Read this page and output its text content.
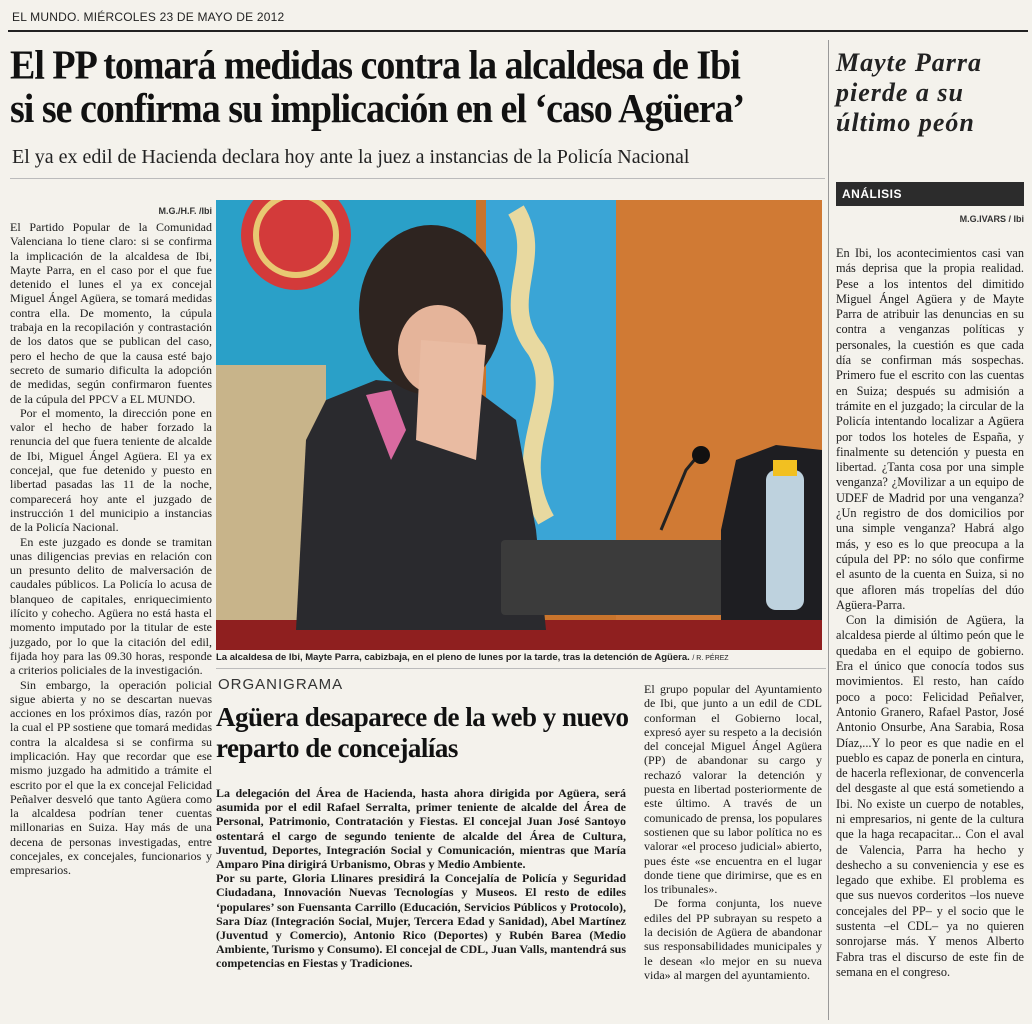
EL MUNDO. MIÉRCOLES 23 DE MAYO DE 2012
El PP tomará medidas contra la alcaldesa de Ibi
si se confirma su implicación en el ‘caso Agüera’
El ya ex edil de Hacienda declara hoy ante la juez a instancias de la Policía Nacional
M.G./H.F. /Ibi

El Partido Popular de la Comunidad Valenciana lo tiene claro: si se confirma la implicación de la alcaldesa de Ibi, Mayte Parra, en el caso por el que fue detenido el lunes el ya ex concejal Miguel Ángel Agüera, se tomará medidas contra ella. De momento, la cúpula trabaja en la recopilación y contrastación de los datos que se publican del caso, pero el hecho de que la causa esté bajo secreto de sumario dificulta la adopción de medidas, según confirmaron fuentes de la cúpula del PPCV a EL MUNDO.

Por el momento, la dirección pone en valor el hecho de haber forzado la renuncia del que fuera teniente de alcalde de Ibi, Miguel Ángel Agüera. El ya ex concejal, que fue detenido y puesto en libertad pasadas las 11 de la noche, comparecerá hoy ante el juzgado de instrucción 1 del municipio a instancias de la Policía Nacional.

En este juzgado es donde se tramitan unas diligencias previas en relación con un presunto delito de malversación de caudales públicos. La Policía lo acusa de blanqueo de capitales, enriquecimiento ilícito y cohecho. Agüera no está hasta el momento imputado por la titular de este juzgado, por lo que la citación del edil, fijada hoy para las 09.30 horas, responde a criterios policiales de la investigación.

Sin embargo, la operación policial sigue abierta y no se descartan nuevas acciones en los próximos días, razón por la cual el PP sostiene que tomará medidas contra la alcaldesa si se confirma su implicación. Hay que recordar que ese mismo juzgado ha admitido a trámite el escrito por el que la ex concejal Felicidad Peñalver desveló que tanto Agüera como la alcaldesa podrían tener cuentas millonarias en Suiza. Hay más de una decena de personas investigadas, entre concejales, ex concejales, funcionarios y empresarios.

La alcaldesa de Ibi, Mayte Parra, cabizbaja, en el pleno de lunes por la tarde, tras la detención de Agüera. / R. PÉREZ
ORGANIGRAMA
Agüera desaparece de la web y nuevo reparto de concejalías

La delegación del Área de Hacienda, hasta ahora dirigida por Agüera, será asumida por el edil Rafael Serralta, primer teniente de alcalde del Área de Personal, Patrimonio, Contratación y Fiestas. El concejal Juan José Santoyo ostentará el cargo de segundo teniente de alcalde del Área de Cultura, Juventud, Deportes, Integración Social y Comunicación, mientras que María Amparo Pina dirigirá Urbanismo, Obras y Medio Ambiente.

Por su parte, Gloria Llinares presidirá la Concejalía de Policía y Seguridad Ciudadana, Innovación Nuevas Tecnologías y Museos. El resto de ediles ‘populares’ son Fuensanta Carrillo (Educación, Servicios Públicos y Protocolo), Sara Díaz (Integración Social, Mujer, Tercera Edad y Sanidad), Abel Martínez (Juventud y Comercio), Antonio Rico (Deportes) y Rubén Barea (Medio Ambiente, Turismo y Consumo). El concejal de CDL, Juan Valls, mantendrá sus competencias en Fiestas y Tradiciones.

El grupo popular del Ayuntamiento de Ibi, que junto a un edil de CDL conforman el Gobierno local, expresó ayer su respeto a la decisión del concejal Miguel Ángel Agüera (PP) de abandonar su cargo y rechazó valorar la detención y puesta en libertad posteriormente de este último. A través de un comunicado de prensa, los populares sostienen que su labor política no es valorar «el proceso judicial» abierto, pues éste «se encuentra en el lugar donde tiene que dirimirse, que es en los tribunales».

De forma conjunta, los nueve ediles del PP subrayan su respeto a la decisión de Agüera de abandonar sus responsabilidades municipales y le desean «lo mejor en su nueva vida» al margen del ayuntamiento.

Mayte Parra pierde a su último peón
ANÁLISIS
M.G.IVARS / Ibi

En Ibi, los acontecimientos casi van más deprisa que la propia realidad. Pese a los intentos del dimitido Miguel Ángel Agüera y de Mayte Parra de atribuir las denuncias en su contra a venganzas políticas y personales, la cuestión es que cada día se confirman más sospechas. Primero fue el escrito con las cuentas en Suiza; después su admisión a trámite en el juzgado; la circular de la Policía intentando localizar a Agüera por todos los hoteles de España, y finalmente su detención y puesta en libertad. ¿Tanta cosa por una simple venganza? ¿Movilizar a un equipo de UDEF de Madrid por una venganza? ¿Un registro de dos domicilios por una simple venganza? Habrá algo más, y eso es lo que preocupa a la cúpula del PP: no sólo que confirme el asunto de la cuenta en Suiza, si no que afloren más tropelías del dúo Agüera-Parra.

Con la dimisión de Agüera, la alcaldesa pierde al último peón que le quedaba en el equipo de gobierno. Era el único que conocía todos sus movimientos. El resto, han caído poco a poco: Felicidad Peñalver, Antonio Granero, Rafael Pastor, José Antonio Onsurbe, Ana Sarabia, Rosa Díaz,...Y lo peor es que nadie en el pueblo es capaz de ponerla en cintura, de hacerla reflexionar, de convencerla del desgaste al que está sometiendo a Ibi. No existe un cuerpo de notables, ni empresarios, ni gente de la cultura que la haga recapacitar... Con el aval de Valencia, Parra ha hecho y deshecho a su conveniencia y ese es legado que exhibe. El problema es que sus nuevos corderitos –los nueve concejales del PP– y el socio que le sustenta –el CDL– ya no quieren sonrojarse más. Y menos Alberto Fabra tras el discurso de este fin de semana en el congreso.
